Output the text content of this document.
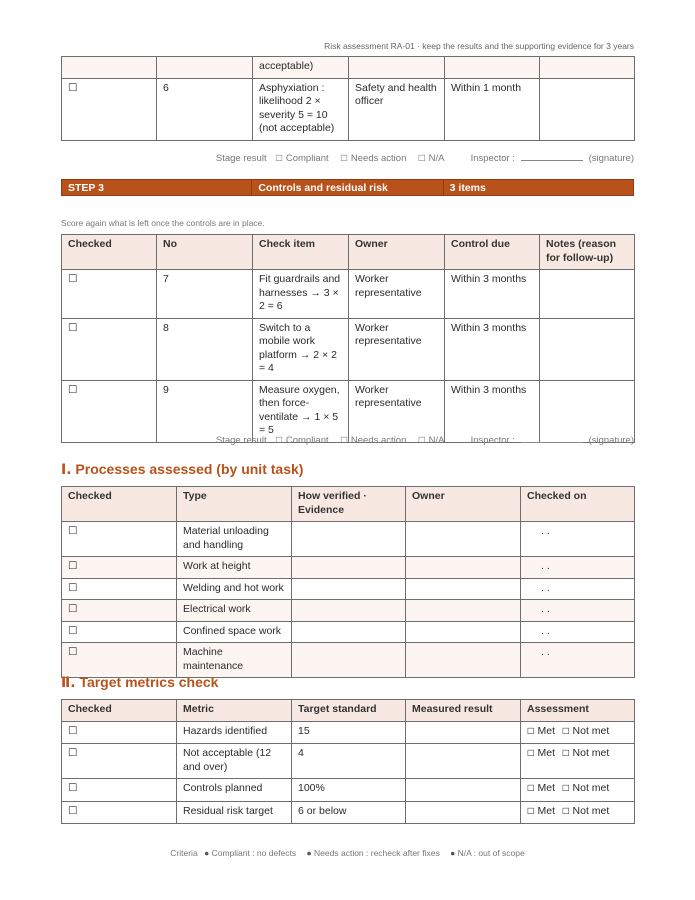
Risk assessment RA-01 · keep the results and the supporting evidence for 3 years
		acceptable)			
☐	6	Asphyxiation : likelihood 2 × severity 5 = 10 (not acceptable)	Safety and health officer	Within 1 month	
Stage result ☐ Compliant ☐ Needs action ☐ N/A	Inspector :	(signature)
STEP 3	Controls and residual risk	3 items
Score again what is left once the controls are in place.
Checked	No	Check item	Owner	Control due	Notes (reason for follow-up)
☐	7	Fit guardrails and harnesses → 3 × 2 = 6	Worker representative	Within 3 months	
☐	8	Switch to a mobile work platform → 2 × 2 = 4	Worker representative	Within 3 months	
☐	9	Measure oxygen, then force-ventilate → 1 × 5 = 5	Worker representative	Within 3 months	
Stage result ☐ Compliant ☐ Needs action ☐ N/A	Inspector :	(signature)
Ⅰ. Processes assessed (by unit task)
Checked	Type	How verified · Evidence	Owner	Checked on
☐	Material unloading and handling			. .
☐	Work at height			. .
☐	Welding and hot work			. .
☐	Electrical work			. .
☐	Confined space work			. .
☐	Machine maintenance			. .
Ⅱ. Target metrics check
Checked	Metric	Target standard	Measured result	Assessment
☐	Hazards identified	15		☐ Met ☐ Not met
☐	Not acceptable (12 and over)	4		☐ Met ☐ Not met
☐	Controls planned	100%		☐ Met ☐ Not met
☐	Residual risk target	6 or below		☐ Met ☐ Not met
Criteria ● Compliant : no defects ● Needs action : recheck after fixes ● N/A : out of scope
